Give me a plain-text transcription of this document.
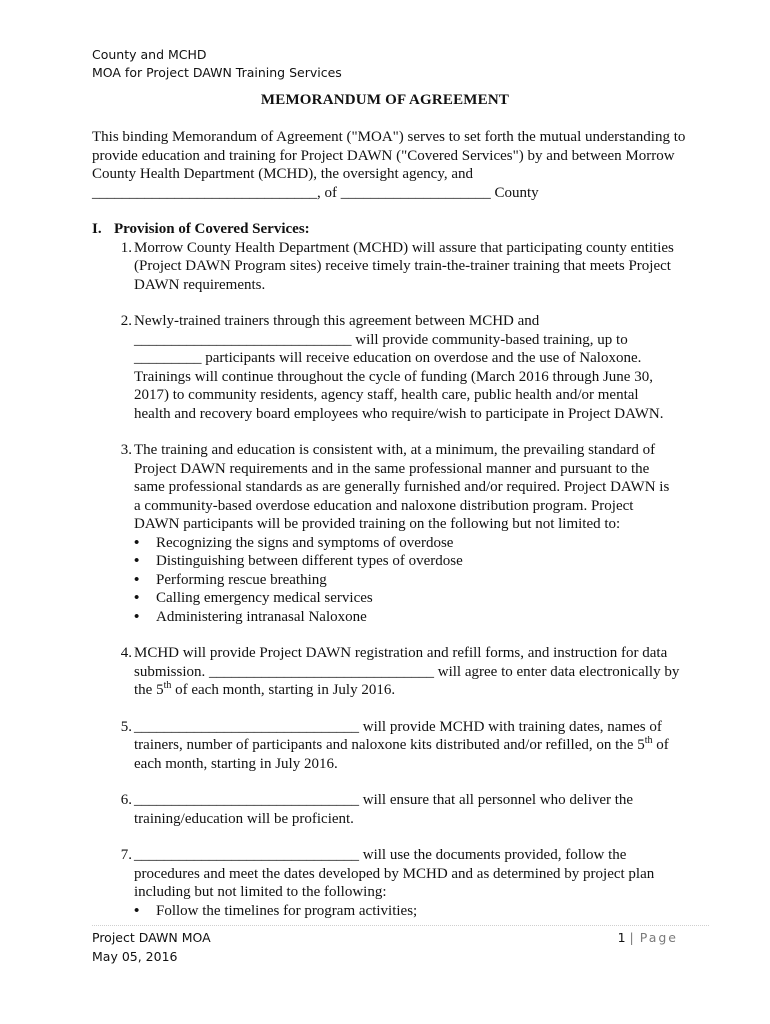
County and MCHD
MOA for Project DAWN Training Services
MEMORANDUM OF AGREEMENT

This binding Memorandum of Agreement ("MOA") serves to set forth the mutual understanding to

provide education and training for Project DAWN ("Covered Services") by and between Morrow

County Health Department (MCHD), the oversight agency, and

______________________________, of ____________________ County

I. Provision of Covered Services:
1. Morrow County Health Department (MCHD) will assure that participating county entities

(Project DAWN Program sites) receive timely train-the-trainer training that meets Project

DAWN requirements.

2. Newly-trained trainers through this agreement between MCHD and

_____________________________ will provide community-based training, up to

_________ participants will receive education on overdose and the use of Naloxone.

Trainings will continue throughout the cycle of funding (March 2016 through June 30,

2017) to community residents, agency staff, health care, public health and/or mental

health and recovery board employees who require/wish to participate in Project DAWN.

3. The training and education is consistent with, at a minimum, the prevailing standard of

Project DAWN requirements and in the same professional manner and pursuant to the

same professional standards as are generally furnished and/or required. Project DAWN is

a community-based overdose education and naloxone distribution program. Project

DAWN participants will be provided training on the following but not limited to:

•	Recognizing the signs and symptoms of overdose
•	Distinguishing between different types of overdose
•	Performing rescue breathing
•	Calling emergency medical services
•	Administering intranasal Naloxone
4. MCHD will provide Project DAWN registration and refill forms, and instruction for data

submission. ______________________________ will agree to enter data electronically by

the 5th of each month, starting in July 2016.

5. ______________________________ will provide MCHD with training dates, names of

trainers, number of participants and naloxone kits distributed and/or refilled, on the 5th of

each month, starting in July 2016.

6. ______________________________ will ensure that all personnel who deliver the

training/education will be proficient.

7. ______________________________ will use the documents provided, follow the

procedures and meet the dates developed by MCHD and as determined by project plan

including but not limited to the following:

•	Follow the timelines for program activities;
Project DAWN MOA
May 05, 2016
1 | Page
